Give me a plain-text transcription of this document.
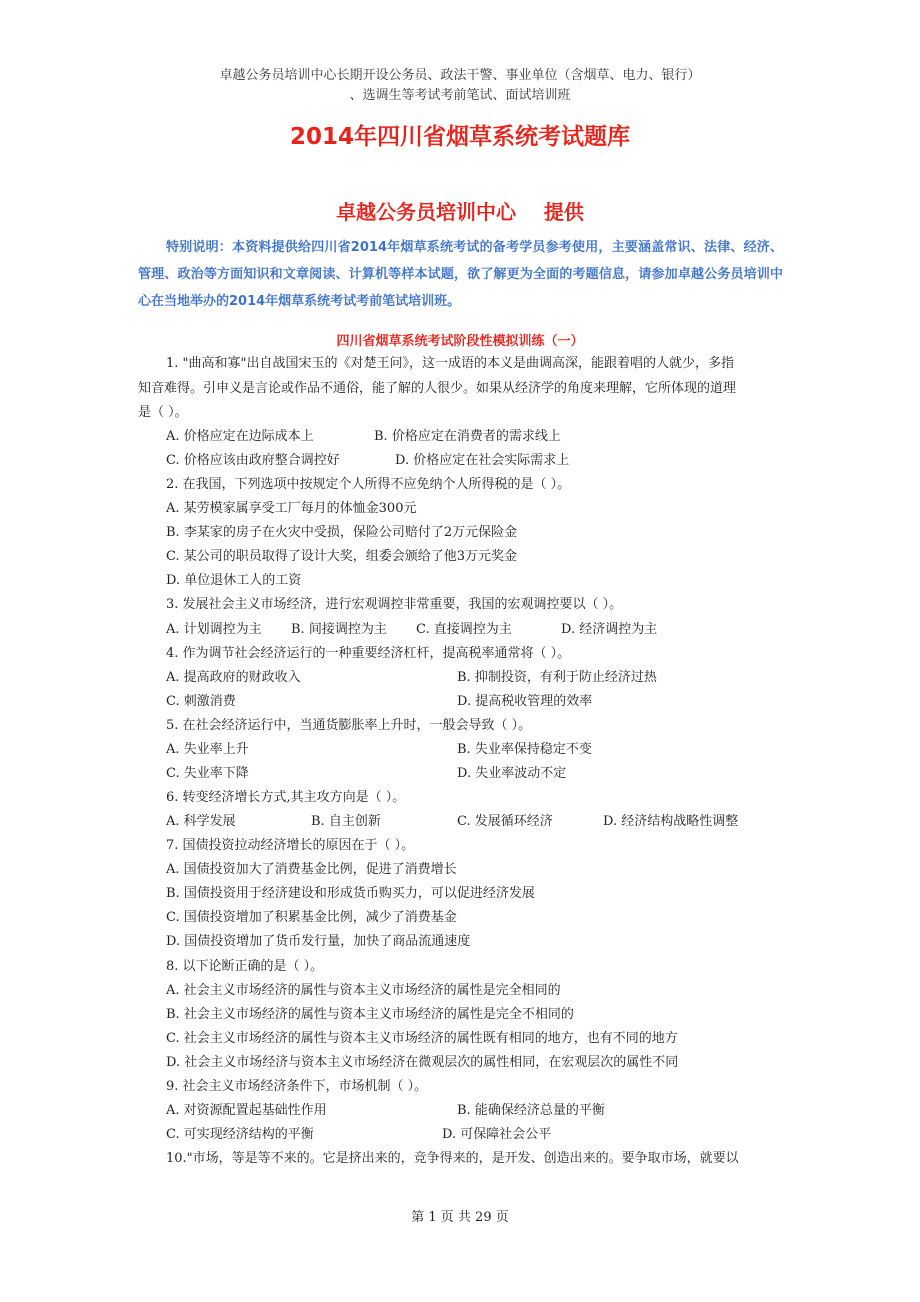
卓越公务员培训中心长期开设公务员、政法干警、事业单位（含烟草、电力、银行）
、选调生等考试考前笔试、面试培训班
2014年四川省烟草系统考试题库
卓越公务员培训中心    提供
特别说明：本资料提供给四川省2014年烟草系统考试的备考学员参考使用，主要涵盖常识、法律、经济、管理、政治等方面知识和文章阅读、计算机等样本试题，欲了解更为全面的考题信息，请参加卓越公务员培训中心在当地举办的2014年烟草系统考试考前笔试培训班。
四川省烟草系统考试阶段性模拟训练（一）
1. "曲高和寡"出自战国宋玉的《对楚王问》，这一成语的本义是曲调高深，能跟着唱的人就少，多指
知音难得。引申义是言论或作品不通俗，能了解的人很少。如果从经济学的角度来理解，它所体现的道理
是（ ）。
A. 价格应定在边际成本上	B. 价格应定在消费者的需求线上
C. 价格应该由政府整合调控好	D. 价格应定在社会实际需求上
2. 在我国，下列选项中按规定个人所得不应免纳个人所得税的是（ ）。
A. 某劳模家属享受工厂每月的体恤金300元
B. 李某家的房子在火灾中受损，保险公司赔付了2万元保险金
C. 某公司的职员取得了设计大奖，组委会颁给了他3万元奖金
D. 单位退休工人的工资
3. 发展社会主义市场经济，进行宏观调控非常重要，我国的宏观调控要以（ ）。
A. 计划调控为主 B. 间接调控为主 C. 直接调控为主	D. 经济调控为主
4. 作为调节社会经济运行的一种重要经济杠杆，提高税率通常将（ ）。
A. 提高政府的财政收入	B. 抑制投资，有利于防止经济过热
C. 刺激消费	D. 提高税收管理的效率
5. 在社会经济运行中，当通货膨胀率上升时，一般会导致（ ）。
A. 失业率上升	B. 失业率保持稳定不变
C. 失业率下降	D. 失业率波动不定
6. 转变经济增长方式,其主攻方向是（ ）。
A. 科学发展	B. 自主创新	C. 发展循环经济	D. 经济结构战略性调整
7. 国债投资拉动经济增长的原因在于（ ）。
A. 国债投资加大了消费基金比例，促进了消费增长
B. 国债投资用于经济建设和形成货币购买力，可以促进经济发展
C. 国债投资增加了积累基金比例，减少了消费基金
D. 国债投资增加了货币发行量，加快了商品流通速度
8. 以下论断正确的是（ ）。
A. 社会主义市场经济的属性与资本主义市场经济的属性是完全相同的
B. 社会主义市场经济的属性与资本主义市场经济的属性是完全不相同的
C. 社会主义市场经济的属性与资本主义市场经济的属性既有相同的地方，也有不同的地方
D. 社会主义市场经济与资本主义市场经济在微观层次的属性相同，在宏观层次的属性不同
9. 社会主义市场经济条件下，市场机制（ ）。
A. 对资源配置起基础性作用	B. 能确保经济总量的平衡
C. 可实现经济结构的平衡	D. 可保障社会公平
10."市场，等是等不来的。它是挤出来的，竞争得来的，是开发、创造出来的。要争取市场，就要以
第 1 页 共 29 页
